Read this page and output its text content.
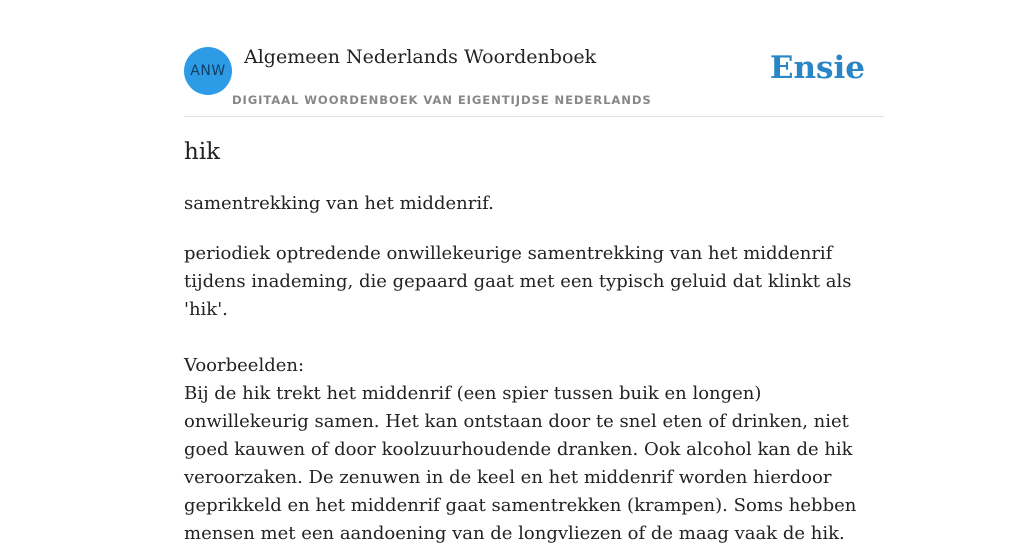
ANW
Algemeen Nederlands Woordenboek
DIGITAAL WOORDENBOEK VAN EIGENTIJDSE NEDERLANDS
Ensie
hik

samentrekking van het middenrif.

periodiek optredende onwillekeurige samentrekking van het middenrif tijdens inademing, die gepaard gaat met een typisch geluid dat klinkt als 'hik'.

Voorbeelden:

Bij de hik trekt het middenrif (een spier tussen buik en longen) onwillekeurig samen. Het kan ontstaan door te snel eten of drinken, niet goed kauwen of door koolzuurhoudende dranken. Ook alcohol kan de hik veroorzaken. De zenuwen in de keel en het middenrif worden hierdoor geprikkeld en het middenrif gaat samentrekken (krampen). Soms hebben mensen met een aandoening van de longvliezen of de maag vaak de hik.
